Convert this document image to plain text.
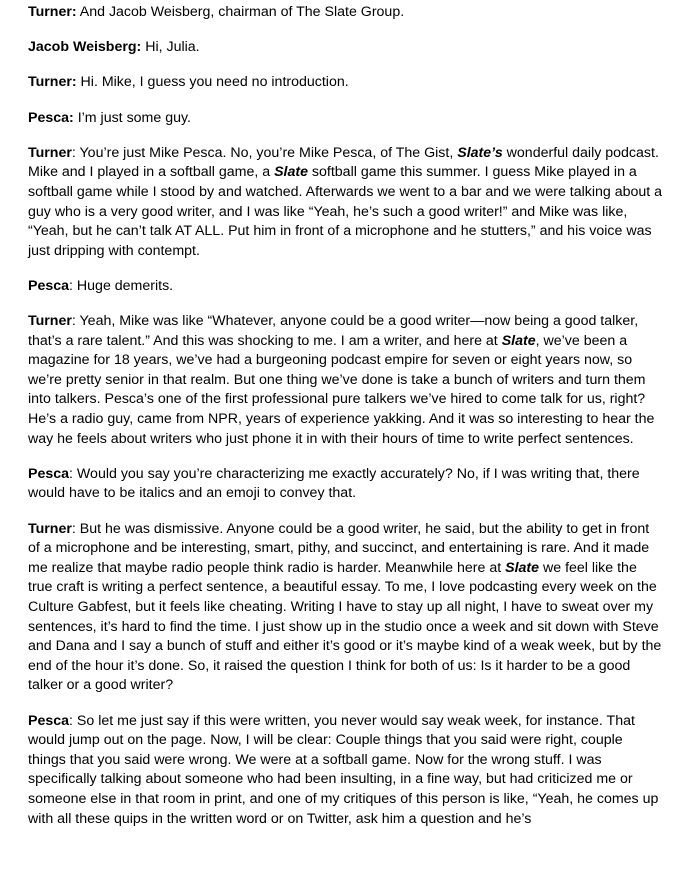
Turner: And Jacob Weisberg, chairman of The Slate Group.

Jacob Weisberg: Hi, Julia.

Turner: Hi. Mike, I guess you need no introduction.

Pesca: I’m just some guy.

Turner: You’re just Mike Pesca. No, you’re Mike Pesca, of The Gist, Slate’s wonderful daily podcast. Mike and I played in a softball game, a Slate softball game this summer. I guess Mike played in a softball game while I stood by and watched. Afterwards we went to a bar and we were talking about a guy who is a very good writer, and I was like “Yeah, he’s such a good writer!” and Mike was like, “Yeah, but he can’t talk AT ALL. Put him in front of a microphone and he stutters,” and his voice was just dripping with contempt.

Pesca: Huge demerits.

Turner: Yeah, Mike was like “Whatever, anyone could be a good writer—now being a good talker, that’s a rare talent.” And this was shocking to me. I am a writer, and here at Slate, we’ve been a magazine for 18 years, we’ve had a burgeoning podcast empire for seven or eight years now, so we’re pretty senior in that realm. But one thing we’ve done is take a bunch of writers and turn them into talkers. Pesca’s one of the first professional pure talkers we’ve hired to come talk for us, right? He’s a radio guy, came from NPR, years of experience yakking. And it was so interesting to hear the way he feels about writers who just phone it in with their hours of time to write perfect sentences.

Pesca: Would you say you’re characterizing me exactly accurately? No, if I was writing that, there would have to be italics and an emoji to convey that.

Turner: But he was dismissive. Anyone could be a good writer, he said, but the ability to get in front of a microphone and be interesting, smart, pithy, and succinct, and entertaining is rare. And it made me realize that maybe radio people think radio is harder. Meanwhile here at Slate we feel like the true craft is writing a perfect sentence, a beautiful essay. To me, I love podcasting every week on the Culture Gabfest, but it feels like cheating. Writing I have to stay up all night, I have to sweat over my sentences, it’s hard to find the time. I just show up in the studio once a week and sit down with Steve and Dana and I say a bunch of stuff and either it’s good or it’s maybe kind of a weak week, but by the end of the hour it’s done. So, it raised the question I think for both of us: Is it harder to be a good talker or a good writer?

Pesca: So let me just say if this were written, you never would say weak week, for instance. That would jump out on the page. Now, I will be clear: Couple things that you said were right, couple things that you said were wrong. We were at a softball game. Now for the wrong stuff. I was specifically talking about someone who had been insulting, in a fine way, but had criticized me or someone else in that room in print, and one of my critiques of this person is like, “Yeah, he comes up with all these quips in the written word or on Twitter, ask him a question and he’s
